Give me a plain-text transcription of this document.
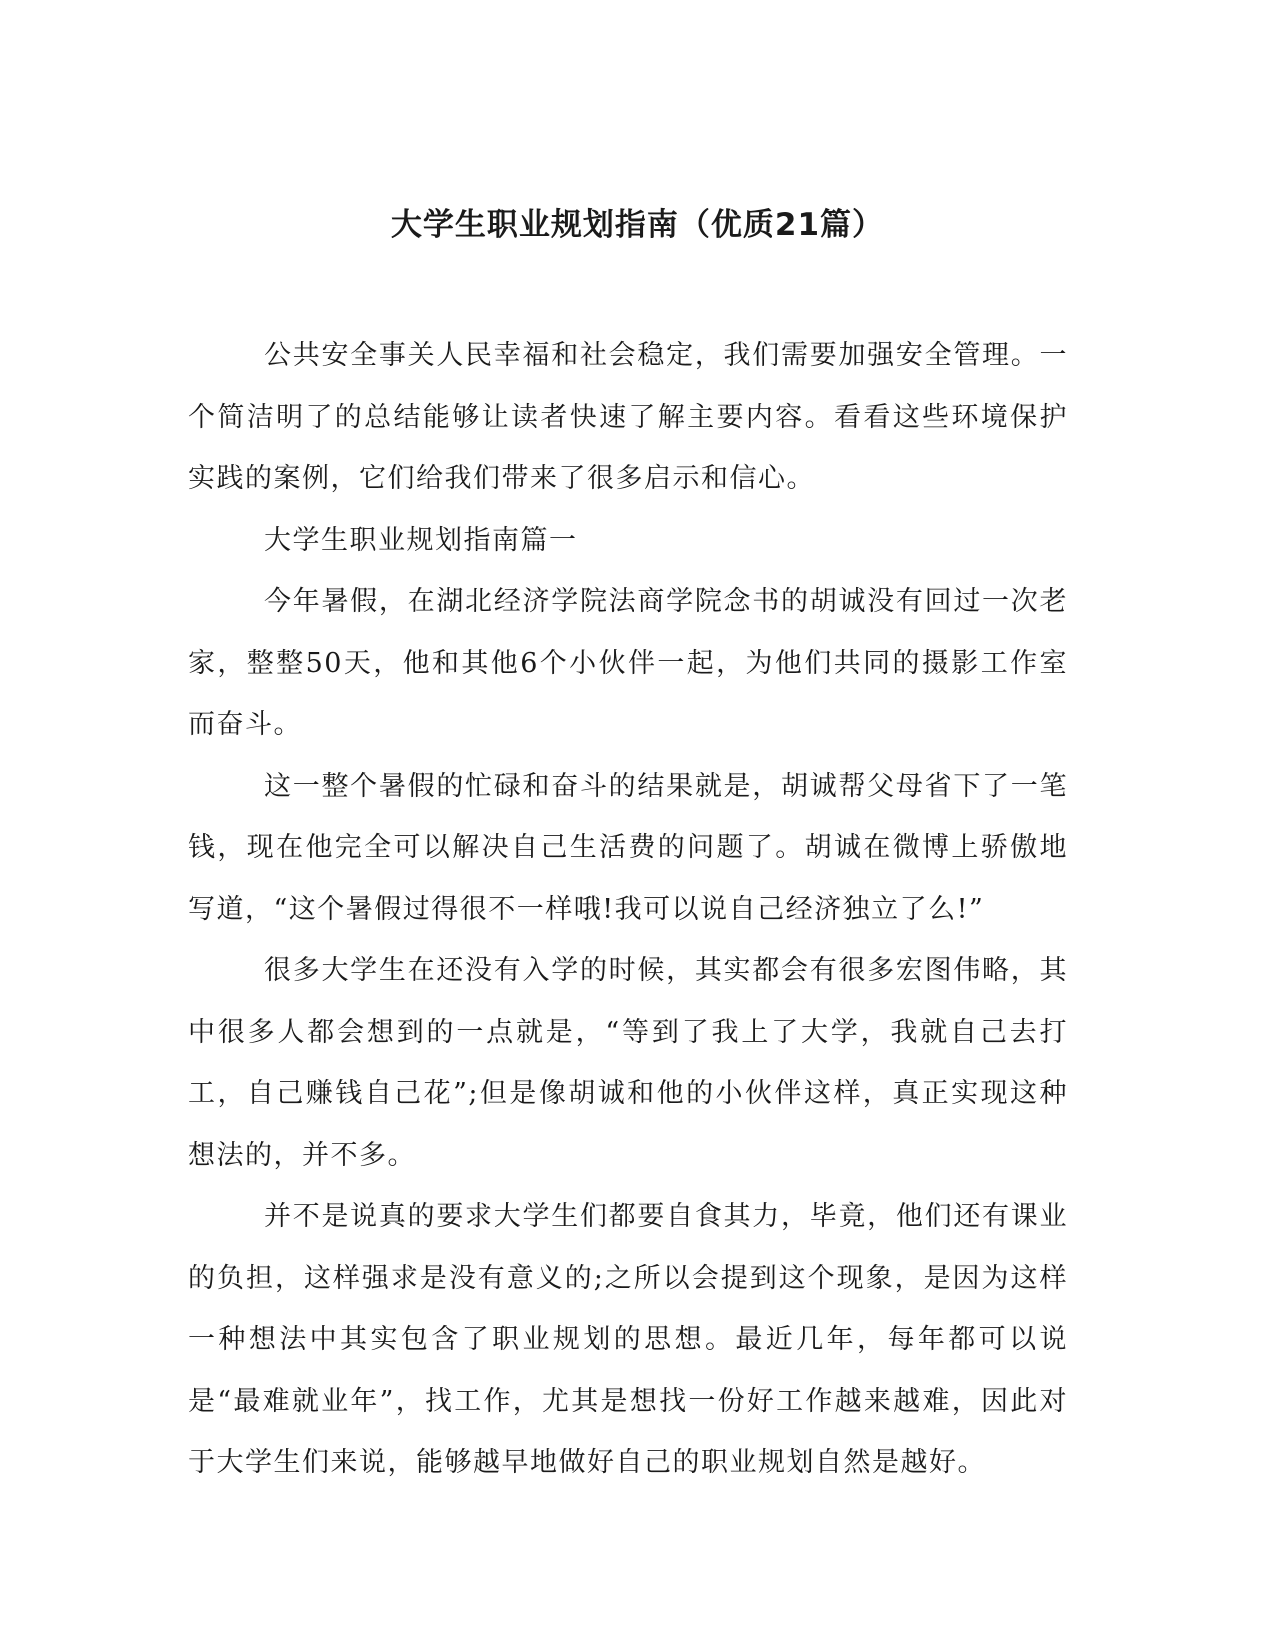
大学生职业规划指南（优质21篇）

公共安全事关人民幸福和社会稳定，我们需要加强安全管理。一个简洁明了的总结能够让读者快速了解主要内容。看看这些环境保护实践的案例，它们给我们带来了很多启示和信心。

大学生职业规划指南篇一

今年暑假，在湖北经济学院法商学院念书的胡诚没有回过一次老家，整整50天，他和其他6个小伙伴一起，为他们共同的摄影工作室而奋斗。

这一整个暑假的忙碌和奋斗的结果就是，胡诚帮父母省下了一笔钱，现在他完全可以解决自己生活费的问题了。胡诚在微博上骄傲地写道，“这个暑假过得很不一样哦!我可以说自己经济独立了么!”

很多大学生在还没有入学的时候，其实都会有很多宏图伟略，其中很多人都会想到的一点就是，“等到了我上了大学，我就自己去打工，自己赚钱自己花”;但是像胡诚和他的小伙伴这样，真正实现这种想法的，并不多。

并不是说真的要求大学生们都要自食其力，毕竟，他们还有课业的负担，这样强求是没有意义的;之所以会提到这个现象，是因为这样一种想法中其实包含了职业规划的思想。最近几年，每年都可以说是“最难就业年”，找工作，尤其是想找一份好工作越来越难，因此对于大学生们来说，能够越早地做好自己的职业规划自然是越好。
